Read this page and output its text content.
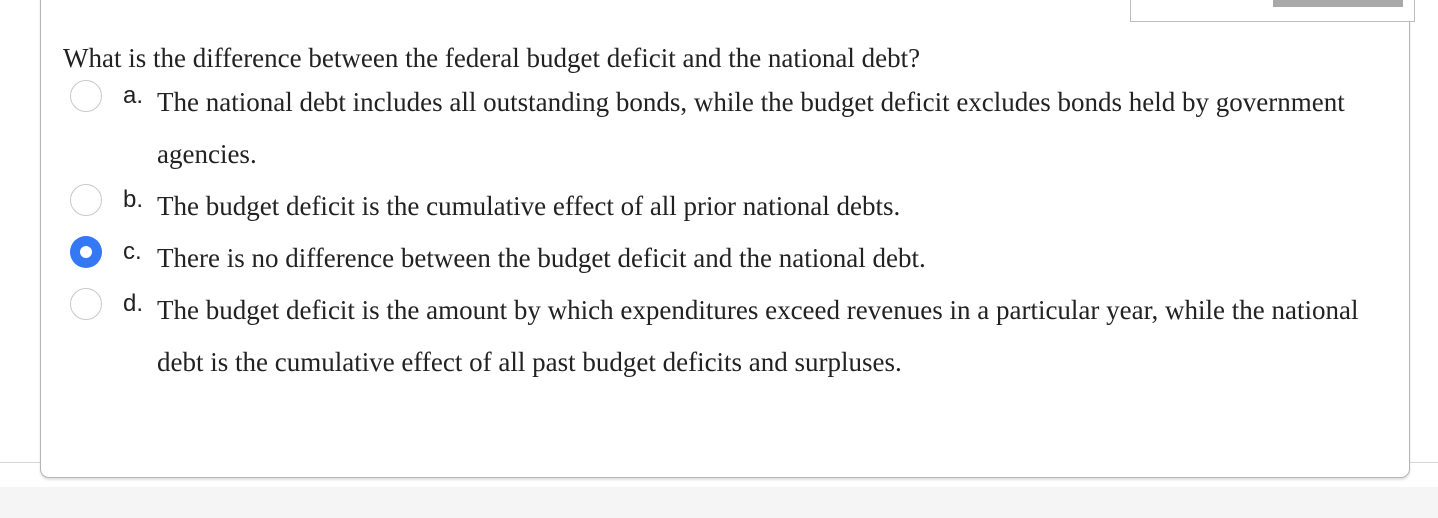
What is the difference between the federal budget deficit and the national debt?
a. The national debt includes all outstanding bonds, while the budget deficit excludes bonds held by government agencies.
b. The budget deficit is the cumulative effect of all prior national debts.
c. There is no difference between the budget deficit and the national debt.
d. The budget deficit is the amount by which expenditures exceed revenues in a particular year, while the national debt is the cumulative effect of all past budget deficits and surpluses.
